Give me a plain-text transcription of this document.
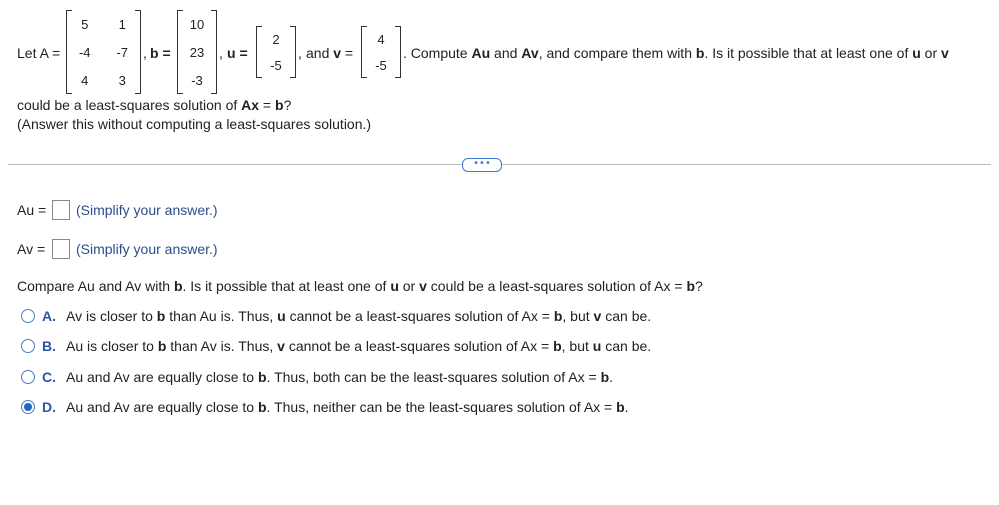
Let A =
5	1
-4	-7
4	3
, b =
10
23
-3
, u =
2
-5
, and v =
4
-5
. Compute Au and Av, and compare them with b. Is it possible that at least one of u or v
could be a least-squares solution of Ax = b?
(Answer this without computing a least-squares solution.)
•••
Au = (Simplify your answer.)
Av = (Simplify your answer.)
Compare Au and Av with b. Is it possible that at least one of u or v could be a least-squares solution of Ax = b?
A. Av is closer to b than Au is. Thus, u cannot be a least-squares solution of Ax = b, but v can be.
B. Au is closer to b than Av is. Thus, v cannot be a least-squares solution of Ax = b, but u can be.
C. Au and Av are equally close to b. Thus, both can be the least-squares solution of Ax = b.
D. Au and Av are equally close to b. Thus, neither can be the least-squares solution of Ax = b.
